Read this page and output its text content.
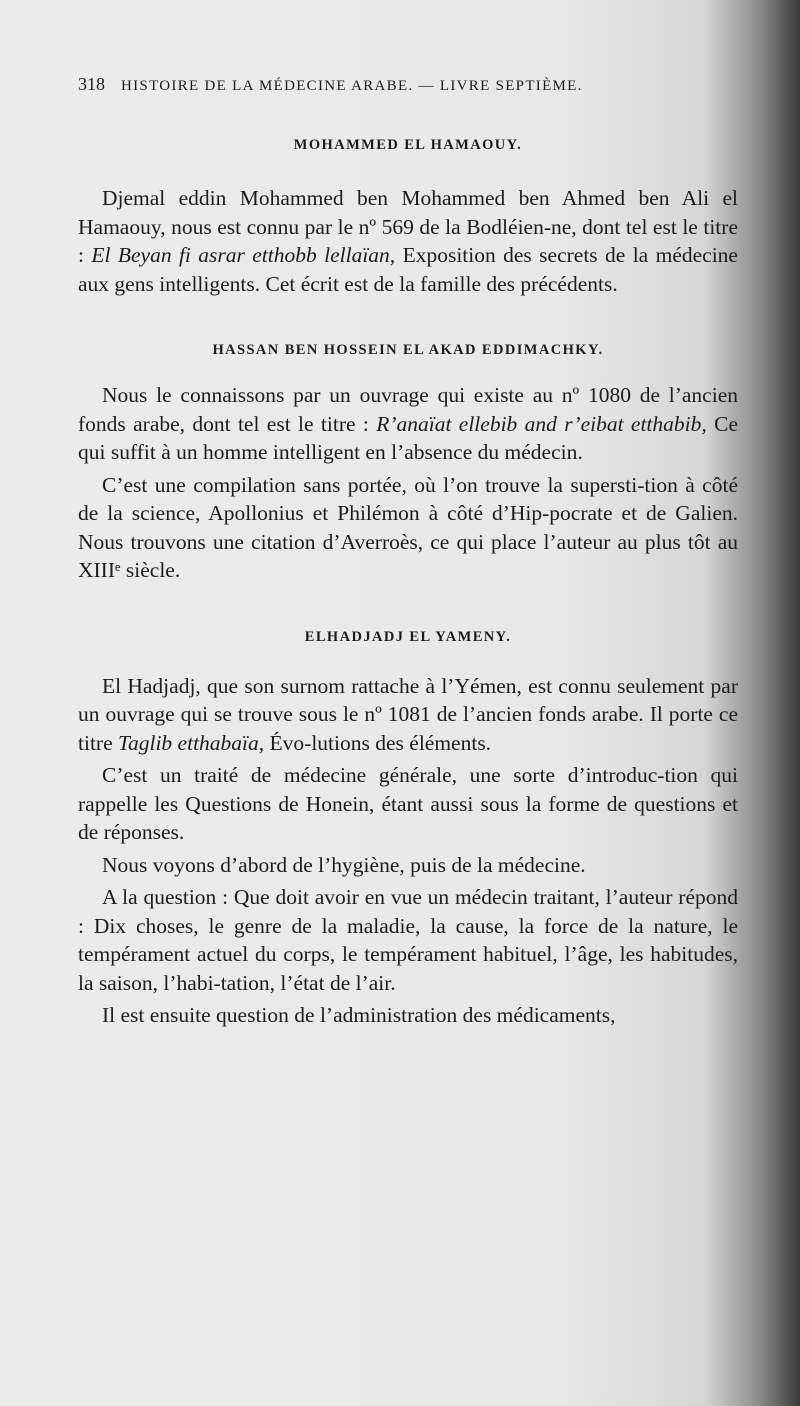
318 HISTOIRE DE LA MÉDECINE ARABE. — LIVRE SEPTIÈME.
MOHAMMED EL HAMAOUY.

Djemal eddin Mohammed ben Mohammed ben Ahmed ben Ali el Hamaouy, nous est connu par le nº 569 de la Bodléien-ne, dont tel est le titre : El Beyan fi asrar etthobb lellaïan, Exposition des secrets de la médecine aux gens intelligents. Cet écrit est de la famille des précédents.

HASSAN BEN HOSSEIN EL AKAD EDDIMACHKY.

Nous le connaissons par un ouvrage qui existe au nº 1080 de l’ancien fonds arabe, dont tel est le titre : R’anaïat ellebib and r’eibat etthabib, Ce qui suffit à un homme intelligent en l’absence du médecin.

C’est une compilation sans portée, où l’on trouve la supersti-tion à côté de la science, Apollonius et Philémon à côté d’Hip-pocrate et de Galien. Nous trouvons une citation d’Averroès, ce qui place l’auteur au plus tôt au XIIIᵉ siècle.

ELHADJADJ EL YAMENY.

El Hadjadj, que son surnom rattache à l’Yémen, est connu seulement par un ouvrage qui se trouve sous le nº 1081 de l’ancien fonds arabe. Il porte ce titre Taglib etthabaïa, Évo-lutions des éléments.

C’est un traité de médecine générale, une sorte d’introduc-tion qui rappelle les Questions de Honein, étant aussi sous la forme de questions et de réponses.

Nous voyons d’abord de l’hygiène, puis de la médecine.

A la question : Que doit avoir en vue un médecin traitant, l’auteur répond : Dix choses, le genre de la maladie, la cause, la force de la nature, le tempérament actuel du corps, le tempérament habituel, l’âge, les habitudes, la saison, l’habi-tation, l’état de l’air.

Il est ensuite question de l’administration des médicaments,
